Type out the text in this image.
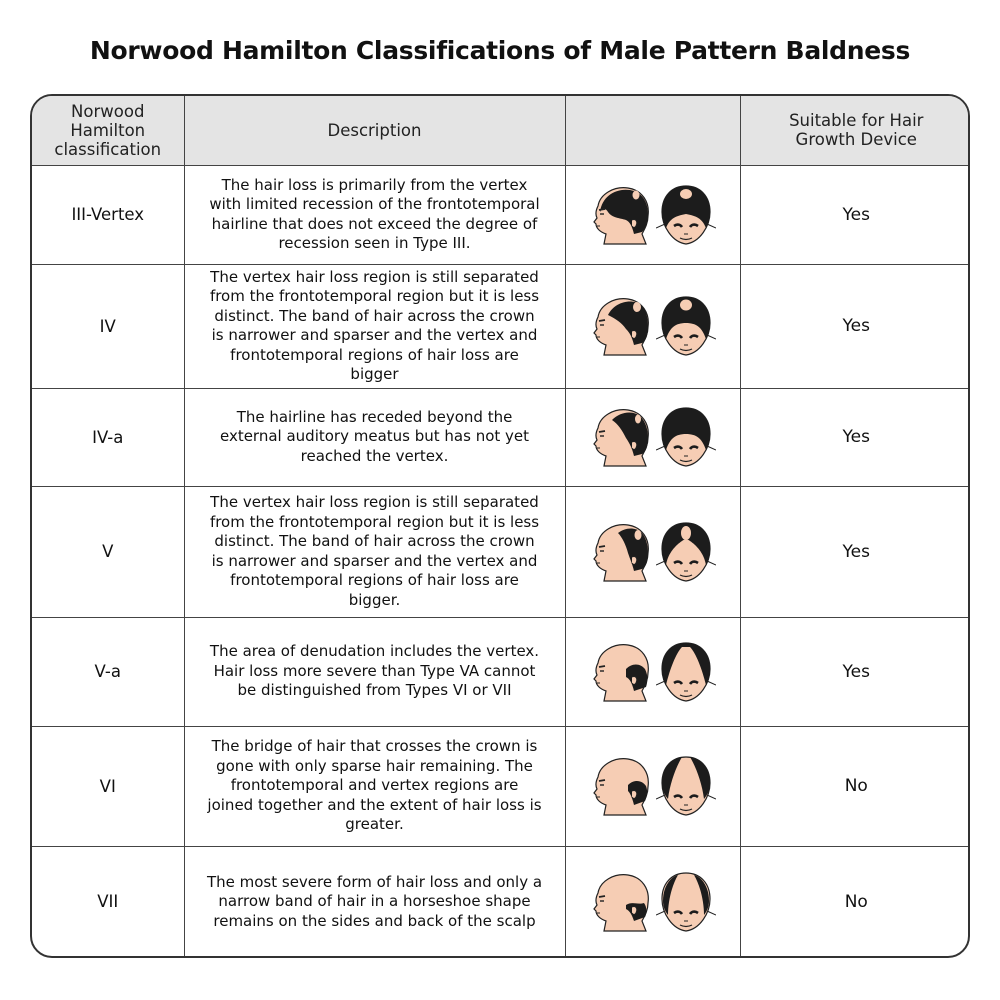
Norwood Hamilton Classifications of Male Pattern Baldness
Norwood Hamilton classification	Description		Suitable for Hair Growth Device
III-Vertex	The hair loss is primarily from the vertex with limited recession of the frontotemporal hairline that does not exceed the degree of recession seen in Type III.		Yes
IV	The vertex hair loss region is still separated from the frontotemporal region but it is less distinct. The band of hair across the crown is narrower and sparser and the vertex and frontotemporal regions of hair loss are bigger		Yes
IV-a	The hairline has receded beyond the external auditory meatus but has not yet reached the vertex.		Yes
V	The vertex hair loss region is still separated from the frontotemporal region but it is less distinct. The band of hair across the crown is narrower and sparser and the vertex and frontotemporal regions of hair loss are bigger.		Yes
V-a	The area of denudation includes the vertex. Hair loss more severe than Type VA cannot be distinguished from Types VI or VII		Yes
VI	The bridge of hair that crosses the crown is gone with only sparse hair remaining. The frontotemporal and vertex regions are joined together and the extent of hair loss is greater.		No
VII	The most severe form of hair loss and only a narrow band of hair in a horseshoe shape remains on the sides and back of the scalp		No
